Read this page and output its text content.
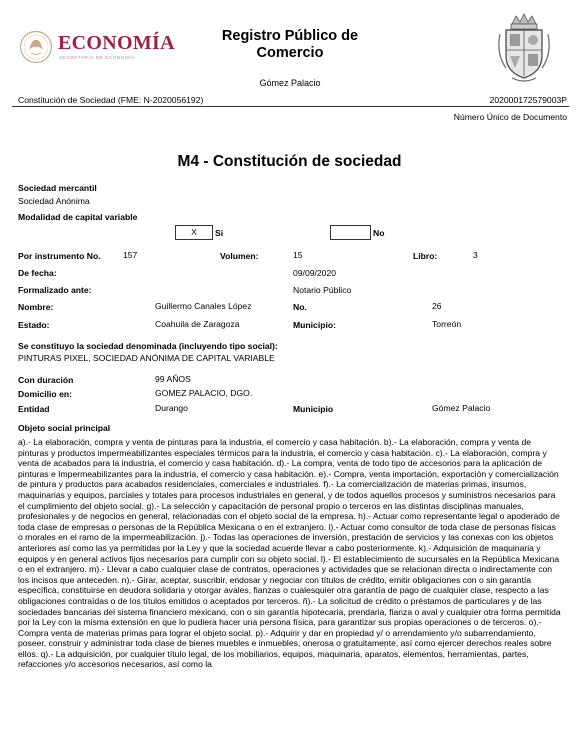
ECONOMÍA
SECRETARÍA DE ECONOMÍA
Registro Público de
Comercio
Gómez Palacio
Constitución de Sociedad (FME: N-2020056192)	202000172579003P
Número Único de Documento
M4 - Constitución de sociedad
Sociedad mercantil
Sociedad Anónima
Modalidad de capital variable
X	Si	No
Por instrumento No.	157	Volumen:	15	Libro:	3
De fecha:	09/09/2020
Formalizado ante:	Notario Público
Nombre:	Guillermo Canales López	No.	26
Estado:	Coahuila de Zaragoza	Municipio:	Torreón
Se constituyo la sociedad denominada (incluyendo tipo social):
PINTURAS PIXEL, SOCIEDAD ANÓNIMA DE CAPITAL VARIABLE
Con duración	99 AÑOS
Domicilio en:	GOMEZ PALACIO, DGO.
Entidad	Durango	Municipio	Gómez Palacio
Objeto social principal
a).- La elaboración, compra y venta de pinturas para la industria, el comercio y casa habitación. b).- La elaboración, compra y venta de pinturas y productos impermeabilizantes especiales térmicos para la industria, el comercio y casa habitación. c).- La elaboración, compra y venta de acabados para la industria, el comercio y casa habitación. d).- La compra, venta de todo tipo de accesorios para la aplicación de pinturas e Impermeabilizantes para la industria, el comercio y casa habitación. e).- Compra, venta importación, exportación y comercialización de pintura y productos para acabados residenciales, comerciales e industriales. f).- La comercialización de materias primas, insumos, maquinarias y equipos, parciales y totales para procesos industriales en general, y de todos aquellos procesos y suministros necesarios para el cumplimiento del objeto social. g).- La selección y capacitación de personal propio o terceros en las distintas disciplinas manuales, profesionales y de negocios en general, relacionadas con el objeto social de la empresa. h).- Actuar como representante legal o apoderado de toda clase de empresas o personas de la República Mexicana o en el extranjero. i).- Actuar como consultor de toda clase de personas físicas o morales en el ramo de la impermeabilización. j).- Todas las operaciones de inversión, prestación de servicios y las conexas con los objetos anteriores así como las ya permitidas por la Ley y que la sociedad acuerde llevar a cabo posteriormente. k).- Adquisición de maquinaria y equipos y en general activos fijos necesarios para cumplir con su objeto social. l).- El establecimiento de sucursales en la República Mexicana o en el extranjero. m).- Llevar a cabo cualquier clase de contratos, operaciones y actividades que se relacionan directa o indirectamente con los incisos que anteceden. n).- Girar, aceptar, suscribir, endosar y negociar con títulos de crédito, emitir obligaciones con o sin garantía específica, constituirse en deudora solidaria y otorgar avales, fianzas o cualesquier otra garantía de pago de cualquier clase, respecto a las obligaciones contraídas o de los títulos emitidos o aceptados por terceros. ñ).- La solicitud de crédito o préstamos de particulares y de las sociedades bancarias del sistema financiero mexicano, con o sin garantía hipotecaria, prendaria, fianza o aval y cualquier otra forma permitida por la Ley con la misma extensión en que lo pudiera hacer una persona física, para garantizar sus propias operaciones o de terceros. o).- Compra venta de materias primas para lograr el objeto social. p).- Adquirir y dar en propiedad y/ o arrendamiento y/o subarrendamiento, poseer, construir y administrar toda clase de bienes muebles e inmuebles, onerosa o gratuitamente, así como ejercer derechos reales sobre ellos. q).- La adquisición, por cualquier título legal, de los mobiliarios, equipos, maquinaria, aparatos, elementos, herramientas, partes, refacciones y/o accesorios necesarios, así como la
